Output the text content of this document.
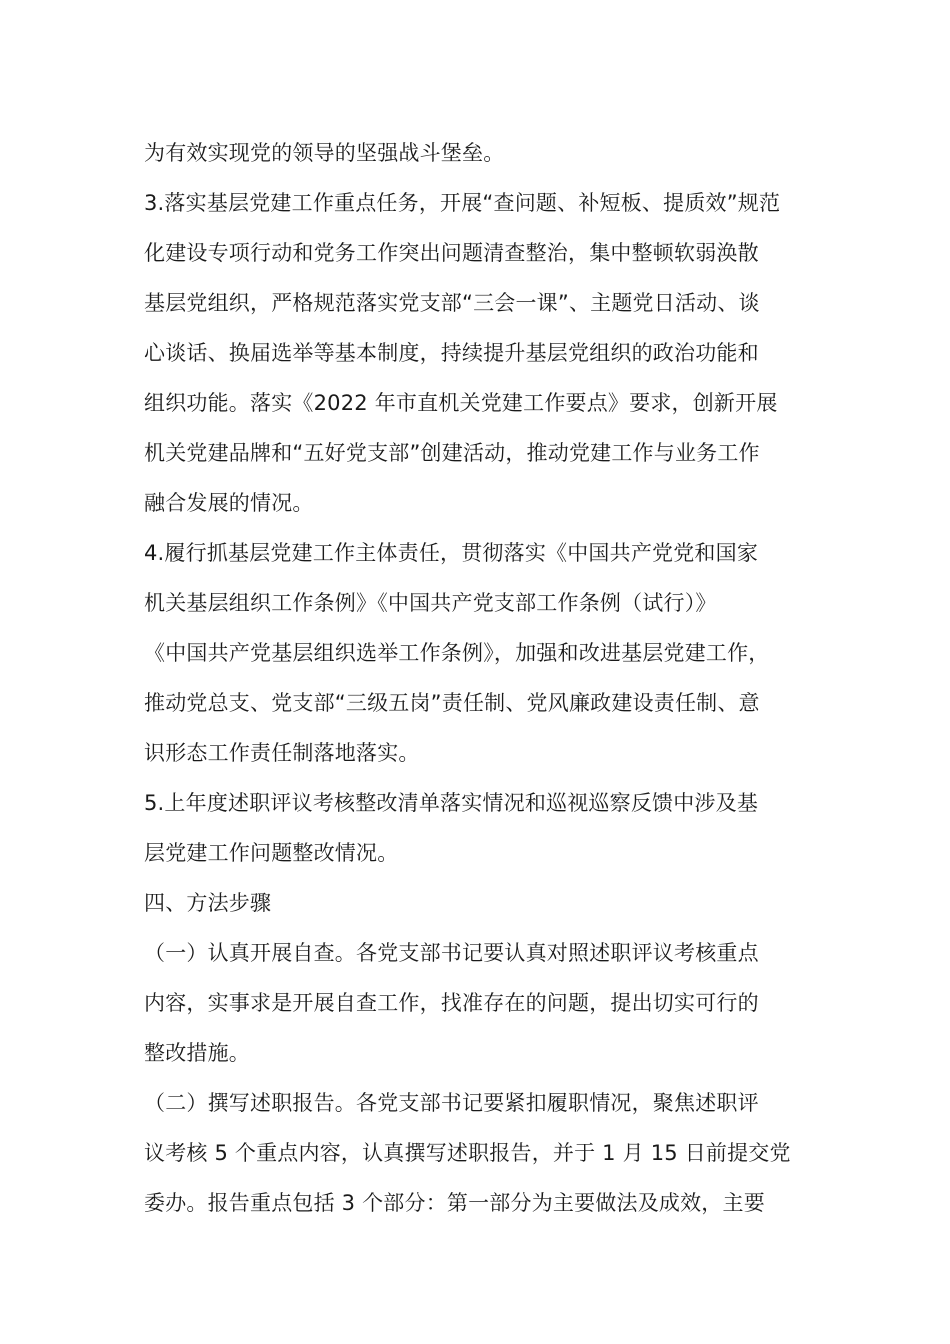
为有效实现党的领导的坚强战斗堡垒。
3.落实基层党建工作重点任务，开展“查问题、补短板、提质效”规范
化建设专项行动和党务工作突出问题清查整治，集中整顿软弱涣散
基层党组织，严格规范落实党支部“三会一课”、主题党日活动、谈
心谈话、换届选举等基本制度，持续提升基层党组织的政治功能和
组织功能。落实《2022 年市直机关党建工作要点》要求，创新开展
机关党建品牌和“五好党支部”创建活动，推动党建工作与业务工作
融合发展的情况。
4.履行抓基层党建工作主体责任，贯彻落实《中国共产党党和国家
机关基层组织工作条例》《中国共产党支部工作条例（试行）》
《中国共产党基层组织选举工作条例》，加强和改进基层党建工作，
推动党总支、党支部“三级五岗”责任制、党风廉政建设责任制、意
识形态工作责任制落地落实。
5.上年度述职评议考核整改清单落实情况和巡视巡察反馈中涉及基
层党建工作问题整改情况。
四、方法步骤
（一）认真开展自查。各党支部书记要认真对照述职评议考核重点
内容，实事求是开展自查工作，找准存在的问题，提出切实可行的
整改措施。
（二）撰写述职报告。各党支部书记要紧扣履职情况，聚焦述职评
议考核 5 个重点内容，认真撰写述职报告，并于 1 月 15 日前提交党
委办。报告重点包括 3 个部分：第一部分为主要做法及成效，主要
